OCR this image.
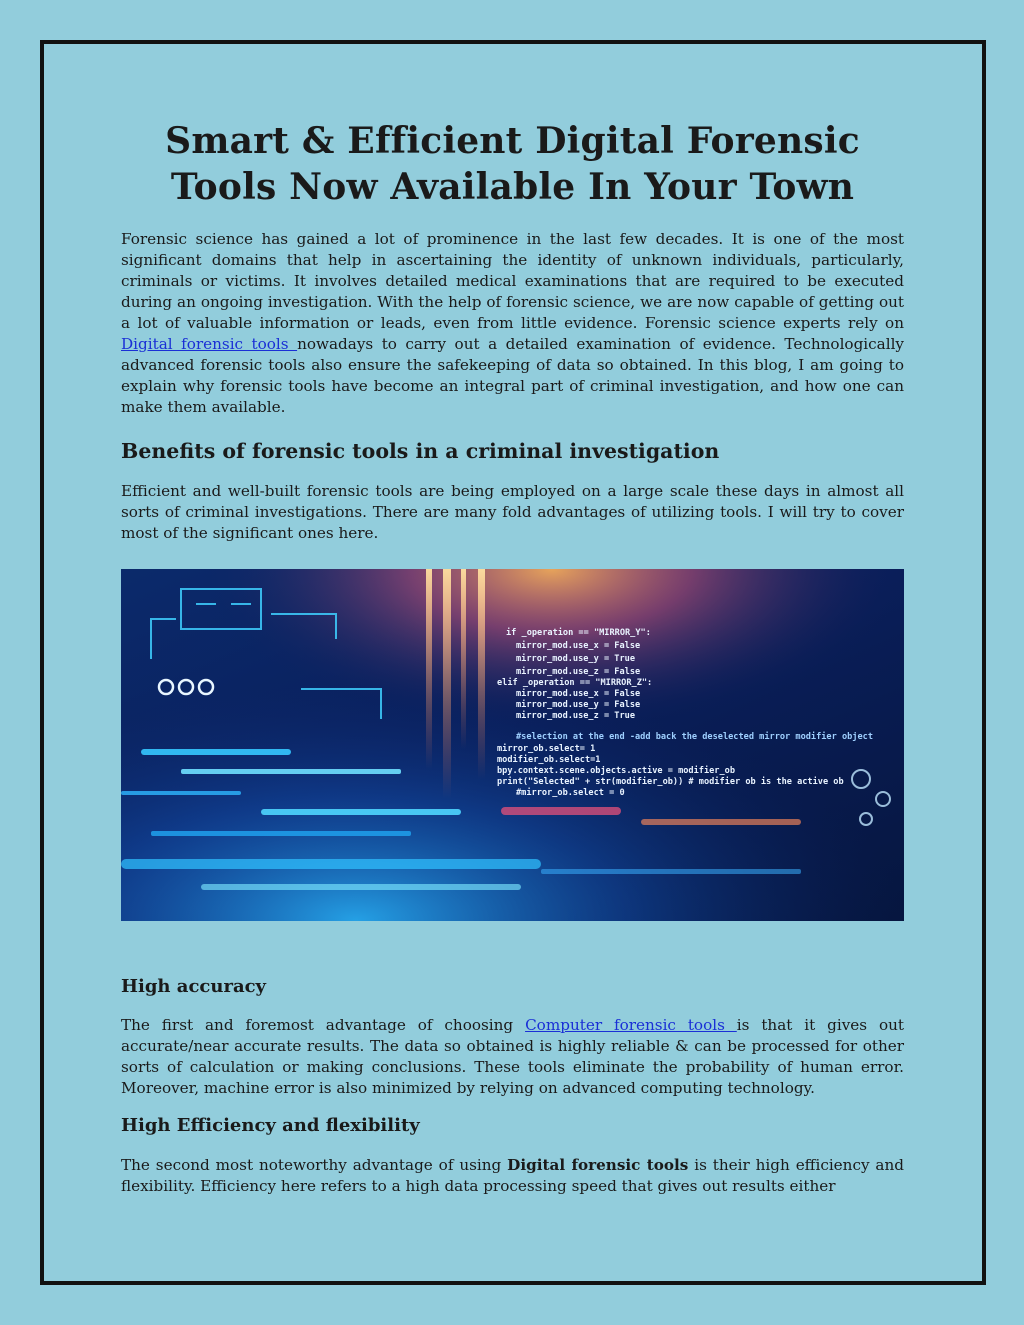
Smart & Efficient Digital Forensic Tools Now Available In Your Town

Forensic science has gained a lot of prominence in the last few decades. It is one of the most significant domains that help in ascertaining the identity of unknown individuals, particularly, criminals or victims. It involves detailed medical examinations that are required to be executed during an ongoing investigation. With the help of forensic science, we are now capable of getting out a lot of valuable information or leads, even from little evidence. Forensic science experts rely on Digital forensic tools nowadays to carry out a detailed examination of evidence. Technologically advanced forensic tools also ensure the safekeeping of data so obtained. In this blog, I am going to explain why forensic tools have become an integral part of criminal investigation, and how one can make them available.

Benefits of forensic tools in a criminal investigation

Efficient and well-built forensic tools are being employed on a large scale these days in almost all sorts of criminal investigations. There are many fold advantages of utilizing tools. I will try to cover most of the significant ones here.

if _operation == "MIRROR_Y":
mirror_mod.use_x = False
mirror_mod.use_y = True
mirror_mod.use_z = False
elif _operation == "MIRROR_Z":
mirror_mod.use_x = False
mirror_mod.use_y = False
mirror_mod.use_z = True
#selection at the end -add back the deselected mirror modifier object
mirror_ob.select= 1
modifier_ob.select=1
bpy.context.scene.objects.active = modifier_ob
print("Selected" + str(modifier_ob)) # modifier ob is the active ob
#mirror_ob.select = 0
High accuracy

The first and foremost advantage of choosing Computer forensic tools is that it gives out accurate/near accurate results. The data so obtained is highly reliable & can be processed for other sorts of calculation or making conclusions. These tools eliminate the probability of human error. Moreover, machine error is also minimized by relying on advanced computing technology.

High Efficiency and flexibility

The second most noteworthy advantage of using Digital forensic tools is their high efficiency and flexibility. Efficiency here refers to a high data processing speed that gives out results either
